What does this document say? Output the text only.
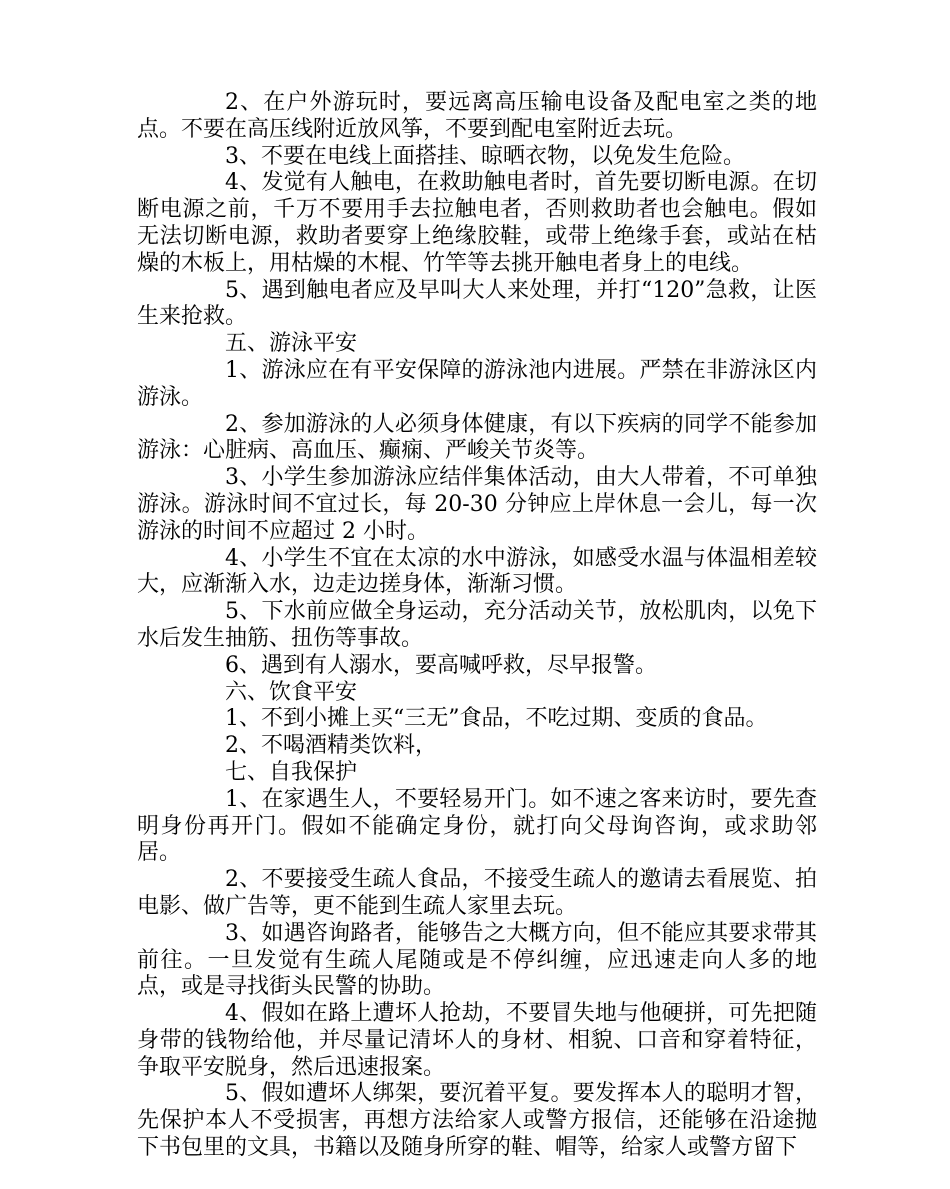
2、在户外游玩时，要远离高压输电设备及配电室之类的地点。不要在高压线附近放风筝，不要到配电室附近去玩。

3、不要在电线上面搭挂、晾晒衣物，以免发生危险。

4、发觉有人触电，在救助触电者时，首先要切断电源。在切断电源之前，千万不要用手去拉触电者，否则救助者也会触电。假如无法切断电源，救助者要穿上绝缘胶鞋，或带上绝缘手套，或站在枯燥的木板上，用枯燥的木棍、竹竿等去挑开触电者身上的电线。

5、遇到触电者应及早叫大人来处理，并打“120”急救，让医生来抢救。

五、游泳平安

1、游泳应在有平安保障的游泳池内进展。严禁在非游泳区内游泳。

2、参加游泳的人必须身体健康，有以下疾病的同学不能参加游泳：心脏病、高血压、癫痫、严峻关节炎等。

3、小学生参加游泳应结伴集体活动，由大人带着，不可单独游泳。游泳时间不宜过长，每 20-30 分钟应上岸休息一会儿，每一次游泳的时间不应超过 2 小时。

4、小学生不宜在太凉的水中游泳，如感受水温与体温相差较大，应渐渐入水，边走边搓身体，渐渐习惯。

5、下水前应做全身运动，充分活动关节，放松肌肉，以免下水后发生抽筋、扭伤等事故。

6、遇到有人溺水，要高喊呼救，尽早报警。

六、饮食平安

1、不到小摊上买“三无”食品，不吃过期、变质的食品。

2、不喝酒精类饮料，

七、自我保护

1、在家遇生人，不要轻易开门。如不速之客来访时，要先查明身份再开门。假如不能确定身份，就打向父母询咨询，或求助邻居。

2、不要接受生疏人食品，不接受生疏人的邀请去看展览、拍电影、做广告等，更不能到生疏人家里去玩。

3、如遇咨询路者，能够告之大概方向，但不能应其要求带其前往。一旦发觉有生疏人尾随或是不停纠缠，应迅速走向人多的地点，或是寻找街头民警的协助。

4、假如在路上遭坏人抢劫，不要冒失地与他硬拼，可先把随身带的钱物给他，并尽量记清坏人的身材、相貌、口音和穿着特征，争取平安脱身，然后迅速报案。

5、假如遭坏人绑架，要沉着平复。要发挥本人的聪明才智，先保护本人不受损害，再想方法给家人或警方报信，还能够在沿途抛下书包里的文具，书籍以及随身所穿的鞋、帽等，给家人或警方留下
